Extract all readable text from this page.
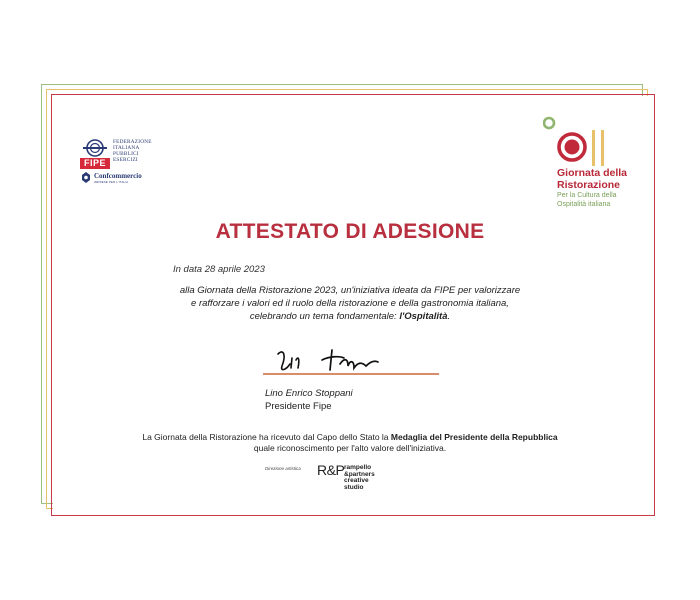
FIPE
FEDERAZIONE
ITALIANA
PUBBLICI
ESERCIZI
Confcommercio
IMPRESE PER L'ITALIA
Giornata della
Ristorazione
Per la Cultura della
Ospitalità italiana
ATTESTATO DI ADESIONE
In data 28 aprile 2023
alla Giornata della Ristorazione 2023, un'iniziativa ideata da FIPE per valorizzare
e rafforzare i valori ed il ruolo della ristorazione e della gastronomia italiana,
celebrando un tema fondamentale: l'Ospitalità.
Lino Enrico Stoppani
Presidente Fipe
La Giornata della Ristorazione ha ricevuto dal Capo dello Stato la Medaglia del Presidente della Repubblica
quale riconoscimento per l'alto valore dell'iniziativa.
Direzione artistica R&P rampello
&partners
creative
studio
